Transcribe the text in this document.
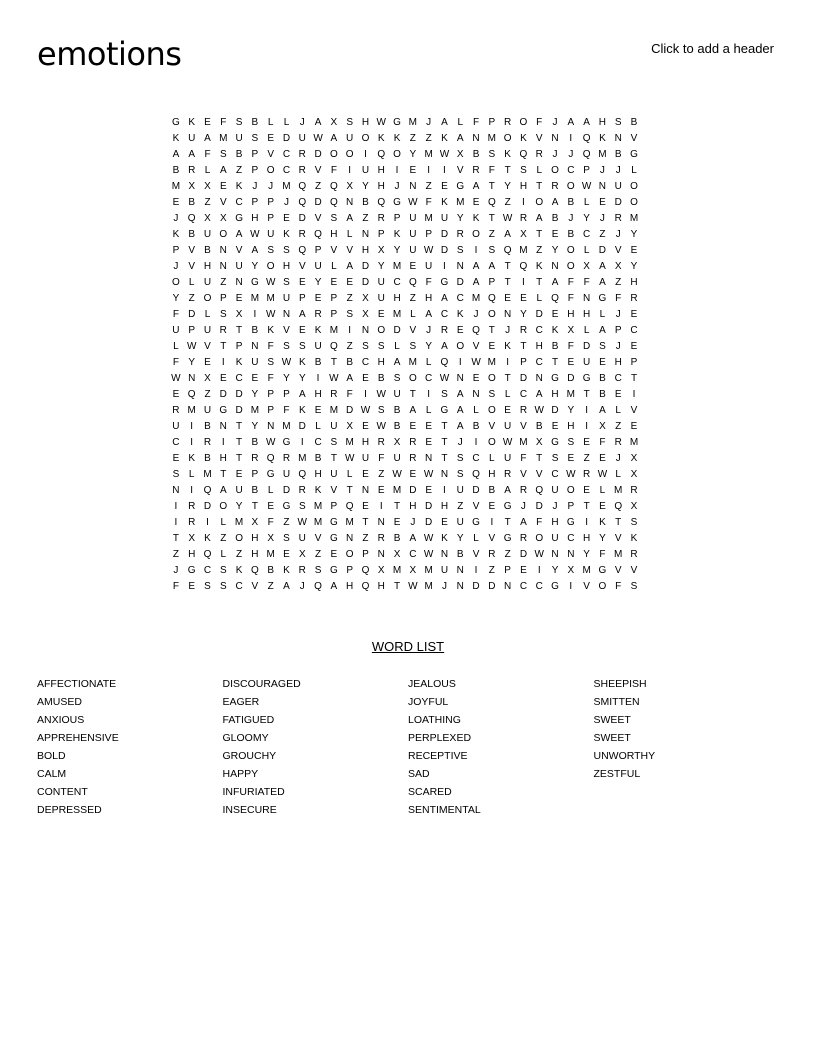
emotions	Click to add a header
G K E F S B L	L	J A X S H W G M J A L F P R O F	J A A H S B
K U A M U S E D U W A U O K K Z Z K A N M O K V N	I	Q K N V
A A F S B P V C R D O O	I	Q O Y M W X B S K Q R J	J Q M B G
B R L A Z P O C R V F	I	U H	I	E	I	I	V R F T S L O C P J	J	L
M X X E K J	J M Q Z Q X Y H J N Z E G A T Y H T R O W N U O
E B Z V C P P J Q D Q N B Q G W F K M E Q Z	I	O A B L E D O
J Q X X G H P E D V S A Z R P U M U Y K T W R A B J Y J R M
K B U O A W U K R Q H L N P K U P D R O Z A X T E B C Z	J Y
P V B N V A S S Q P V V H X Y U W D S	I	S Q M Z Y O L D V E
J V H N U Y O H V U L A D Y M E U	I	N A A T Q K N O X A X Y
O L U Z N G W S E Y E E D U C Q F G D A P T	I	T A F F A Z H
Y Z O P E M M U P E P Z X U H Z H A C M Q E E L Q F N G F R
F D L S X	I W N A R P S X E M L A C K J O N Y D E H H L	J E
U P U R T B K V E K M	I	N O D V J R E Q T	J R C K X L A P C
L W V T P N F S S U Q Z S S L S Y A O V E K T H B F D S J E
F Y E	I	K U S W K B T B C H A M L Q	I W M	I	P C T E U E H P
W N X E C E F Y Y	I W A E B S O C W N E O T D N G D G B C T
E Q Z D D Y P P A H R F	I W U T	I	S A N S L C A H M T B E	I
R M U G D M P F K E M D W S B A L G A L O E R W D Y	I	A L V
U	I	B N T Y N M D L U X E W B E E T A B V U V B E H	I	X Z E
C	I	R	I	T B W G	I	C S M H R X R E T	J	I	O W M X G S E F R M
E K B H T R Q R M B T W U F U R N T S C L U F T S E Z E J X
S L M T E P G U Q H U L E Z W E W N S Q H R V V C W R W L X
N	I	Q A U B L D R K V T N E M D E	I	U D B A R Q U O E L M R
I	R D O Y T E G S M P Q E	I	T H D H Z V E G J D J P T E Q X
I	R	I	L M X F Z W M G M T N E J D E U G	I	T A F H G	I	K T S
T X K Z O H X S U V G N Z R B A W K Y L V G R O U C H Y V K
Z H Q L Z H M E X Z E O P N X C W N B V R Z D W N N Y F M R
J G C S K Q B K R S G P Q X M X M U N	I	Z P E	I	Y X M G V V
F E S S C V Z A J Q A H Q H T W M J N D D N C C G	I	V O F S
WORD LIST
AFFECTIONATE
AMUSED
ANXIOUS
APPREHENSIVE
BOLD
CALM
CONTENT
DEPRESSED
DISCOURAGED
EAGER
FATIGUED
GLOOMY
GROUCHY
HAPPY
INFURIATED
INSECURE
JEALOUS
JOYFUL
LOATHING
PERPLEXED
RECEPTIVE
SAD
SCARED
SENTIMENTAL
SHEEPISH
SMITTEN
SWEET
SWEET
UNWORTHY
ZESTFUL
